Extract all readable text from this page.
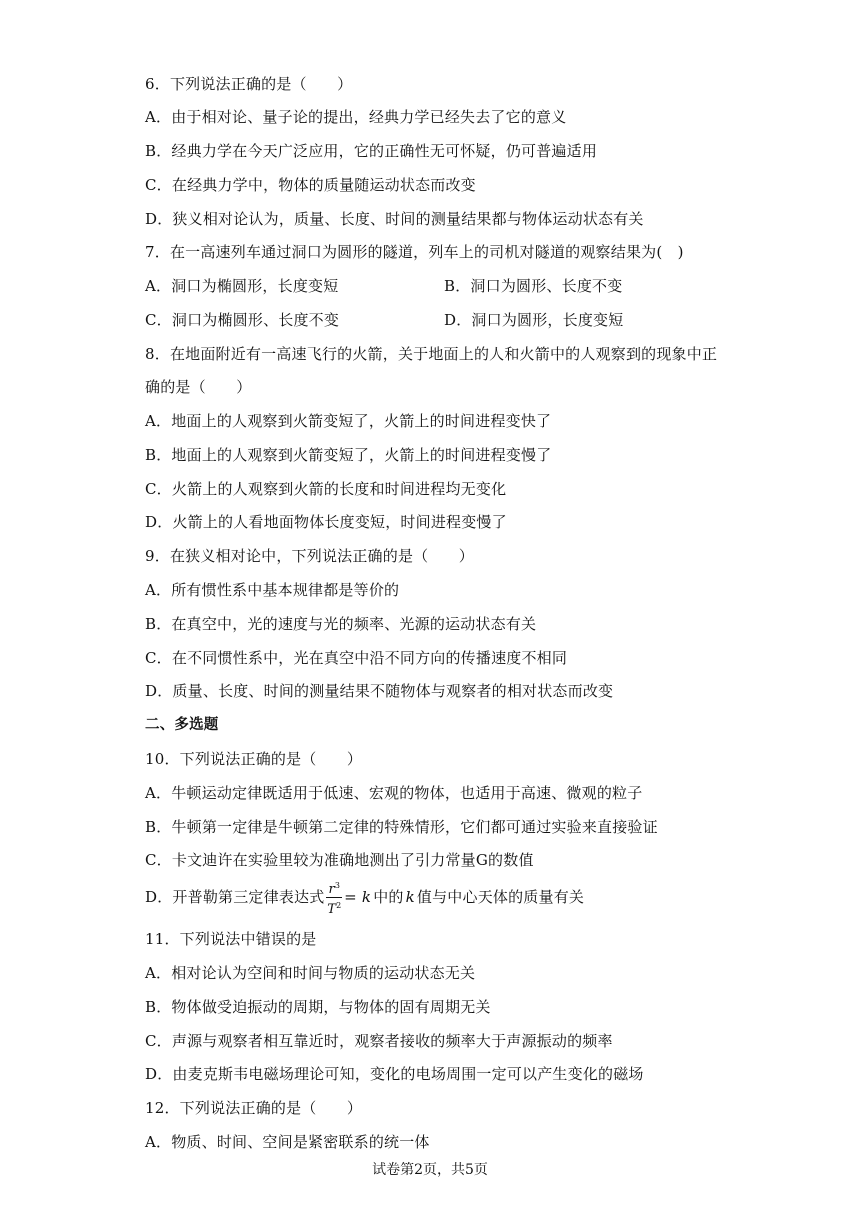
6．下列说法正确的是（　　）
A．由于相对论、量子论的提出，经典力学已经失去了它的意义
B．经典力学在今天广泛应用，它的正确性无可怀疑，仍可普遍适用
C．在经典力学中，物体的质量随运动状态而改变
D．狭义相对论认为，质量、长度、时间的测量结果都与物体运动状态有关
7．在一高速列车通过洞口为圆形的隧道，列车上的司机对隧道的观察结果为(　)
A．洞口为椭圆形，长度变短	B．洞口为圆形、长度不变
C．洞口为椭圆形、长度不变	D．洞口为圆形，长度变短
8．在地面附近有一高速飞行的火箭，关于地面上的人和火箭中的人观察到的现象中正
确的是（　　）
A．地面上的人观察到火箭变短了，火箭上的时间进程变快了
B．地面上的人观察到火箭变短了，火箭上的时间进程变慢了
C．火箭上的人观察到火箭的长度和时间进程均无变化
D．火箭上的人看地面物体长度变短，时间进程变慢了
9．在狭义相对论中，下列说法正确的是（　　）
A．所有惯性系中基本规律都是等价的
B．在真空中，光的速度与光的频率、光源的运动状态有关
C．在不同惯性系中，光在真空中沿不同方向的传播速度不相同
D．质量、长度、时间的测量结果不随物体与观察者的相对状态而改变
二、多选题
10．下列说法正确的是（　　）
A．牛顿运动定律既适用于低速、宏观的物体，也适用于高速、微观的粒子
B．牛顿第一定律是牛顿第二定律的特殊情形，它们都可通过实验来直接验证
C．卡文迪许在实验里较为准确地测出了引力常量G的数值
D．开普勒第三定律表达式 $\frac{r^3}{T^2} = k$ 中的 k 值与中心天体的质量有关
11．下列说法中错误的是
A．相对论认为空间和时间与物质的运动状态无关
B．物体做受迫振动的周期，与物体的固有周期无关
C．声源与观察者相互靠近时，观察者接收的频率大于声源振动的频率
D．由麦克斯韦电磁场理论可知，变化的电场周围一定可以产生变化的磁场
12．下列说法正确的是（　　）
A．物质、时间、空间是紧密联系的统一体
试卷第2页，共5页
